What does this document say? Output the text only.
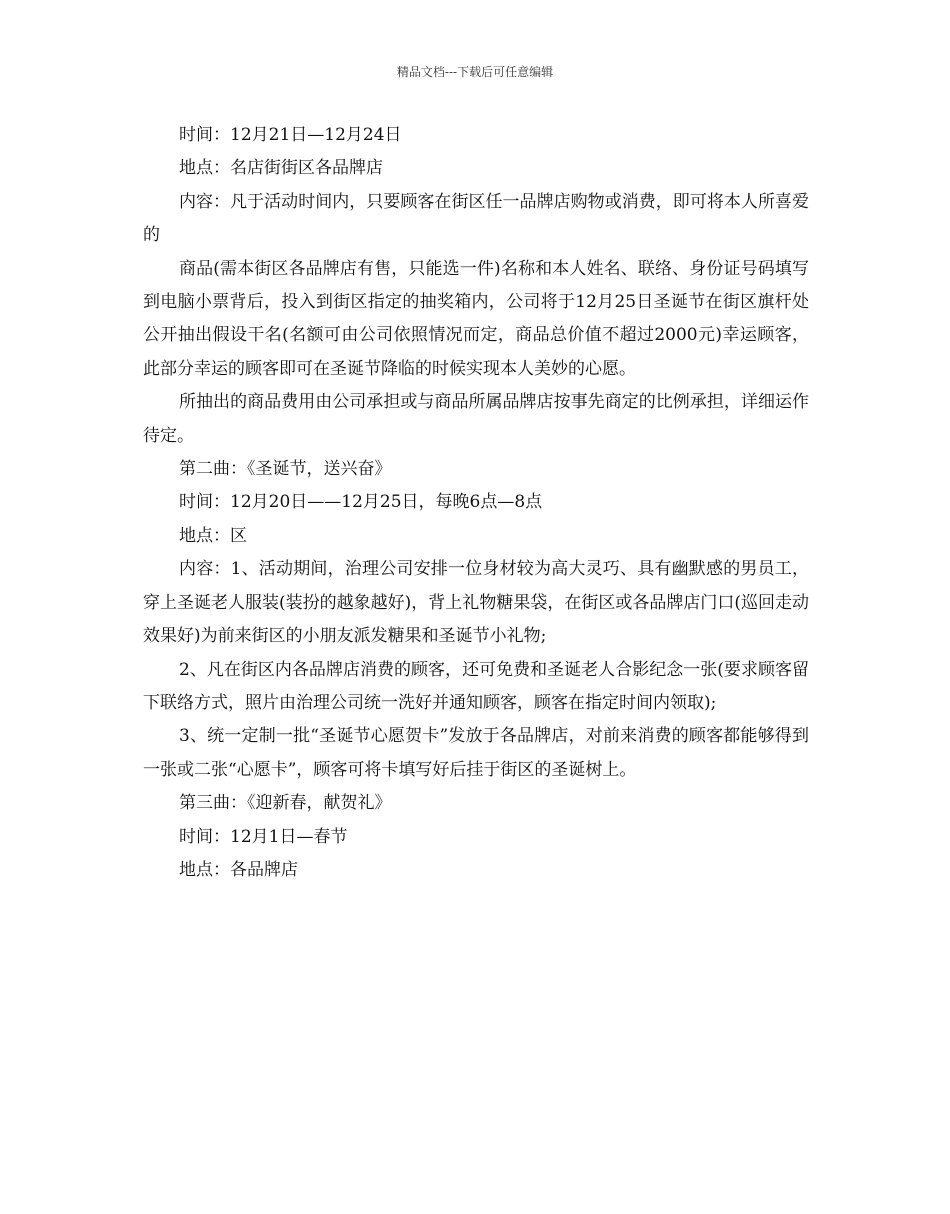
精品文档---下载后可任意编辑

时间：12月21日—12月24日

地点：名店街街区各品牌店

内容：凡于活动时间内，只要顾客在街区任一品牌店购物或消费，即可将本人所喜爱的

商品(需本街区各品牌店有售，只能选一件)名称和本人姓名、联络、身份证号码填写到电脑小票背后，投入到街区指定的抽奖箱内，公司将于12月25日圣诞节在街区旗杆处公开抽出假设干名(名额可由公司依照情况而定，商品总价值不超过2000元)幸运顾客，此部分幸运的顾客即可在圣诞节降临的时候实现本人美妙的心愿。

所抽出的商品费用由公司承担或与商品所属品牌店按事先商定的比例承担，详细运作待定。

第二曲：《圣诞节，送兴奋》

时间：12月20日——12月25日，每晚6点—8点

地点：区

内容：1、活动期间，治理公司安排一位身材较为高大灵巧、具有幽默感的男员工，穿上圣诞老人服装(装扮的越象越好)，背上礼物糖果袋，在街区或各品牌店门口(巡回走动效果好)为前来街区的小朋友派发糖果和圣诞节小礼物;

2、凡在街区内各品牌店消费的顾客，还可免费和圣诞老人合影纪念一张(要求顾客留下联络方式，照片由治理公司统一洗好并通知顾客，顾客在指定时间内领取);

3、统一定制一批“圣诞节心愿贺卡”发放于各品牌店，对前来消费的顾客都能够得到一张或二张“心愿卡”，顾客可将卡填写好后挂于街区的圣诞树上。

第三曲：《迎新春，献贺礼》

时间：12月1日—春节

地点：各品牌店
